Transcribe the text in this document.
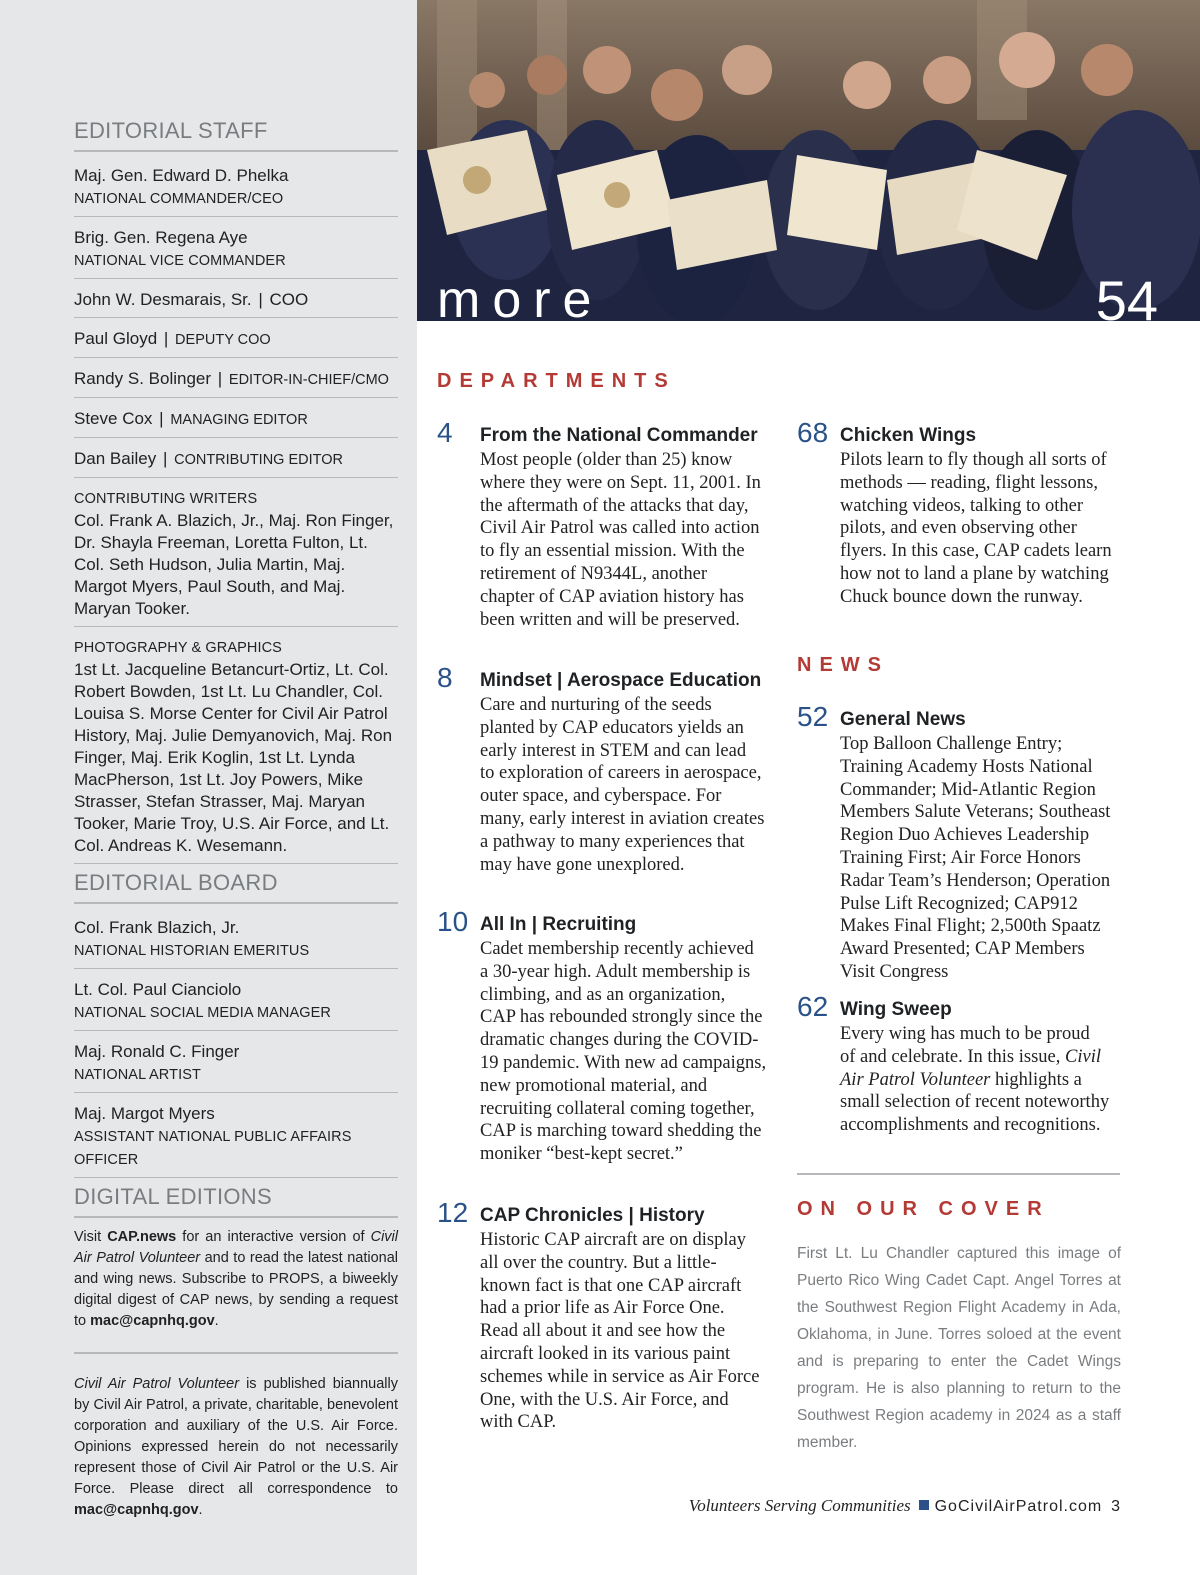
EDITORIAL STAFF
Maj. Gen. Edward D. Phelka
NATIONAL COMMANDER/CEO
Brig. Gen. Regena Aye
NATIONAL VICE COMMANDER
John W. Desmarais, Sr. | COO
Paul Gloyd | DEPUTY COO
Randy S. Bolinger | EDITOR-IN-CHIEF/CMO
Steve Cox | MANAGING EDITOR
Dan Bailey | CONTRIBUTING EDITOR
CONTRIBUTING WRITERS
Col. Frank A. Blazich, Jr., Maj. Ron Finger, Dr. Shayla Freeman, Loretta Fulton, Lt. Col. Seth Hudson, Julia Martin, Maj. Margot Myers, Paul South, and Maj. Maryan Tooker.
PHOTOGRAPHY & GRAPHICS
1st Lt. Jacqueline Betancurt-Ortiz, Lt. Col. Robert Bowden, 1st Lt. Lu Chandler, Col. Louisa S. Morse Center for Civil Air Patrol History, Maj. Julie Demyanovich, Maj. Ron Finger, Maj. Erik Koglin, 1st Lt. Lynda MacPherson, 1st Lt. Joy Powers, Mike Strasser, Stefan Strasser, Maj. Maryan Tooker, Marie Troy, U.S. Air Force, and Lt. Col. Andreas K. Wesemann.
EDITORIAL BOARD
Col. Frank Blazich, Jr.
NATIONAL HISTORIAN EMERITUS
Lt. Col. Paul Cianciolo
NATIONAL SOCIAL MEDIA MANAGER
Maj. Ronald C. Finger
NATIONAL ARTIST
Maj. Margot Myers
ASSISTANT NATIONAL PUBLIC AFFAIRS OFFICER
DIGITAL EDITIONS
Visit CAP.news for an interactive version of Civil Air Patrol Volunteer and to read the latest national and wing news. Subscribe to PROPS, a biweekly digital digest of CAP news, by sending a request to mac@capnhq.gov.
Civil Air Patrol Volunteer is published biannually by Civil Air Patrol, a private, charitable, benevolent corporation and auxiliary of the U.S. Air Force. Opinions expressed herein do not necessarily represent those of Civil Air Patrol or the U.S. Air Force. Please direct all correspondence to mac@capnhq.gov.
more	54
DEPARTMENTS
4 From the National Commander
Most people (older than 25) know
where they were on Sept. 11, 2001. In
the aftermath of the attacks that day,
Civil Air Patrol was called into action
to fly an essential mission. With the
retirement of N9344L, another
chapter of CAP aviation history has
been written and will be preserved.
8 Mindset | Aerospace Education
Care and nurturing of the seeds
planted by CAP educators yields an
early interest in STEM and can lead
to exploration of careers in aerospace,
outer space, and cyberspace. For
many, early interest in aviation creates
a pathway to many experiences that
may have gone unexplored.
10 All In | Recruiting
Cadet membership recently achieved
a 30-year high. Adult membership is
climbing, and as an organization,
CAP has rebounded strongly since the
dramatic changes during the COVID-
19 pandemic. With new ad campaigns,
new promotional material, and
recruiting collateral coming together,
CAP is marching toward shedding the
moniker “best-kept secret.”
12 CAP Chronicles | History
Historic CAP aircraft are on display
all over the country. But a little-
known fact is that one CAP aircraft
had a prior life as Air Force One.
Read all about it and see how the
aircraft looked in its various paint
schemes while in service as Air Force
One, with the U.S. Air Force, and
with CAP.
68 Chicken Wings
Pilots learn to fly though all sorts of
methods — reading, flight lessons,
watching videos, talking to other
pilots, and even observing other
flyers. In this case, CAP cadets learn
how not to land a plane by watching
Chuck bounce down the runway.
NEWS
52 General News
Top Balloon Challenge Entry;
Training Academy Hosts National
Commander; Mid-Atlantic Region
Members Salute Veterans; Southeast
Region Duo Achieves Leadership
Training First; Air Force Honors
Radar Team’s Henderson; Operation
Pulse Lift Recognized; CAP912
Makes Final Flight; 2,500th Spaatz
Award Presented; CAP Members
Visit Congress
62 Wing Sweep
Every wing has much to be proud
of and celebrate. In this issue, Civil
Air Patrol Volunteer highlights a
small selection of recent noteworthy
accomplishments and recognitions.
ON OUR COVER
First Lt. Lu Chandler captured this image of Puerto Rico Wing Cadet Capt. Angel Torres at the Southwest Region Flight Academy in Ada, Oklahoma, in June. Torres soloed at the event and is preparing to enter the Cadet Wings program. He is also planning to return to the Southwest Region academy in 2024 as a staff member.
Volunteers Serving Communities GoCivilAirPatrol.com 3
